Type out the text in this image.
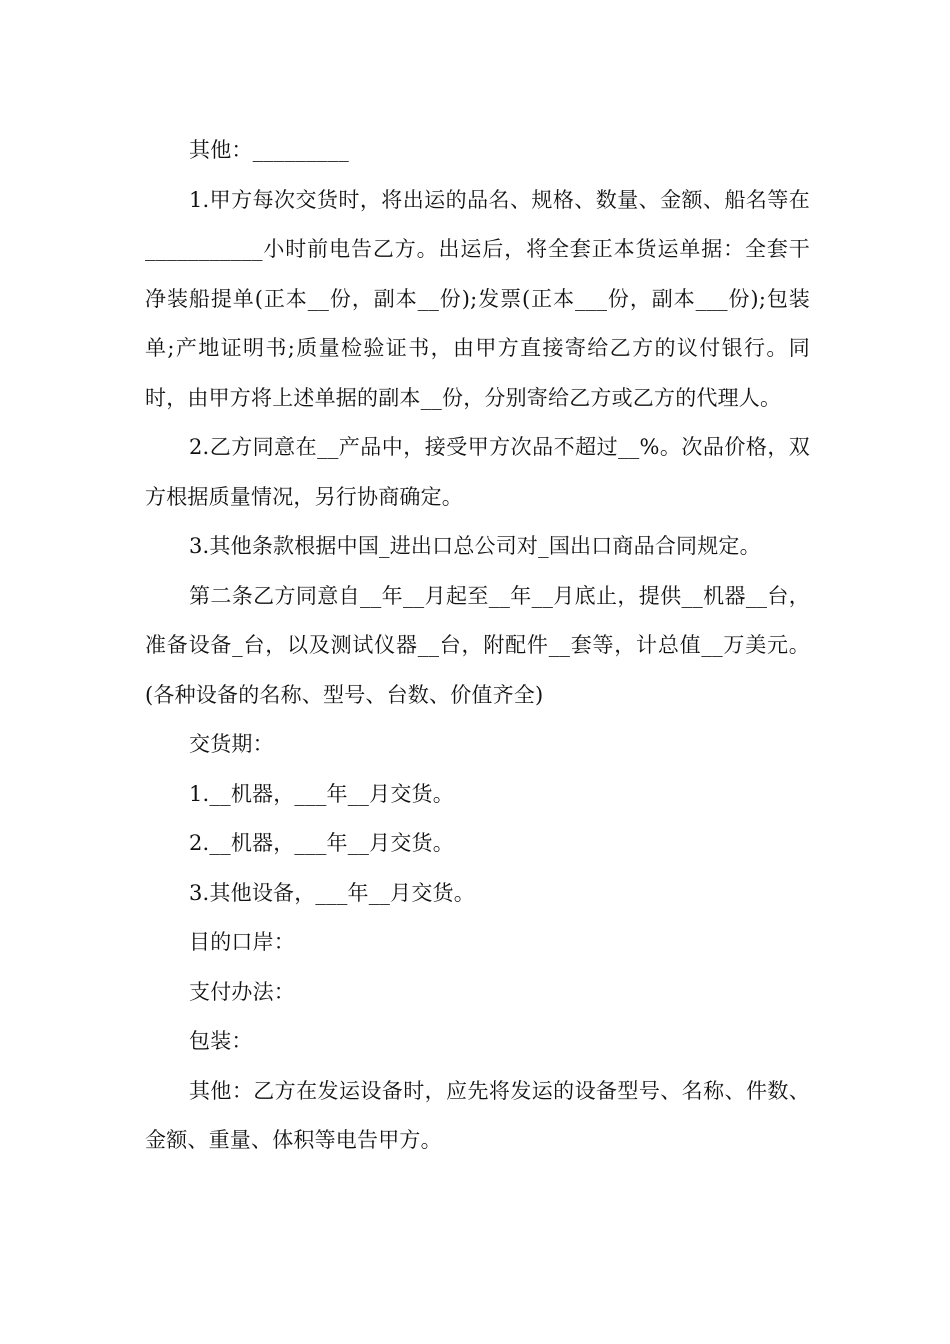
其他：_________

1.甲方每次交货时，将出运的品名、规格、数量、金额、船名等在___________小时前电告乙方。出运后，将全套正本货运单据：全套干净装船提单(正本__份，副本__份);发票(正本___份，副本___份);包装单;产地证明书;质量检验证书，由甲方直接寄给乙方的议付银行。同时，由甲方将上述单据的副本__份，分别寄给乙方或乙方的代理人。

2.乙方同意在__产品中，接受甲方次品不超过__%。次品价格，双方根据质量情况，另行协商确定。

3.其他条款根据中国_进出口总公司对_国出口商品合同规定。

第二条乙方同意自__年__月起至__年__月底止，提供__机器__台，准备设备_台，以及测试仪器__台，附配件__套等，计总值__万美元。(各种设备的名称、型号、台数、价值齐全)

交货期：

1.__机器，___年__月交货。

2.__机器，___年__月交货。

3.其他设备，___年__月交货。

目的口岸：

支付办法：

包装：

其他：乙方在发运设备时，应先将发运的设备型号、名称、件数、金额、重量、体积等电告甲方。
